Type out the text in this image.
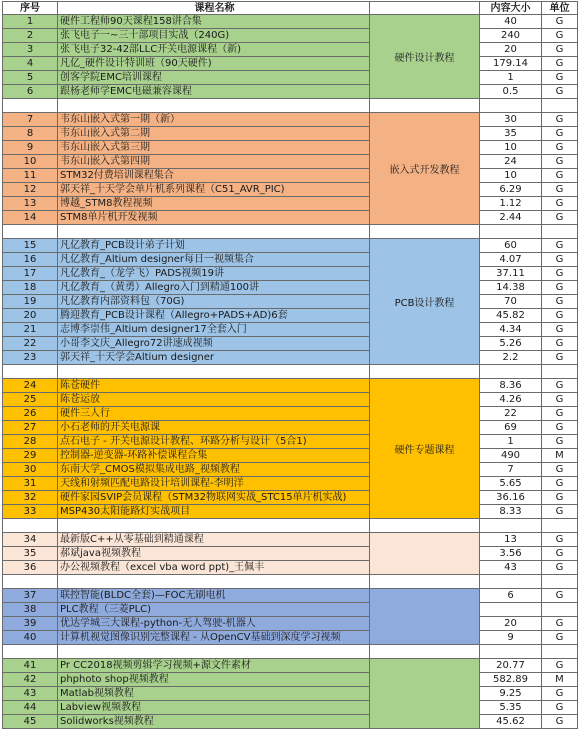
序号	课程名称	内容大小	单位
1	硬件工程师90天课程158讲合集	40	G
2	张飞电子一~三十部项目实战（240G)	240	G
3	张飞电子32-42部LLC开关电源课程（新)	20	G
4	凡亿_硬件设计特训班（90天硬件)	179.14	G
5	创客学院EMC培训课程	1	G
6	跟杨老师学EMC电磁兼容课程	0.5	G
硬件设计教程
7	韦东山嵌入式第一期（新）	30	G
8	韦东山嵌入式第二期	35	G
9	韦东山嵌入式第三期	10	G
10	韦东山嵌入式第四期	24	G
11	STM32付费培训课程集合	10	G
12	郭天祥_十天学会单片机系列课程（C51_AVR_PIC)	6.29	G
13	博越_STM8教程视频	1.12	G
14	STM8单片机开发视频	2.44	G
嵌入式开发教程
15	凡亿教育_PCB设计弟子计划	60	G
16	凡亿教育_Altium designer每日一视频集合	4.07	G
17	凡亿教育_（龙学飞）PADS视频19讲	37.11	G
18	凡亿教育_（黄勇）Allegro入门到精通100讲	14.38	G
19	凡亿教育内部资料包（70G)	70	G
20	腾迎教育_PCB设计课程（Allegro+PADS+AD)6套	45.82	G
21	志博李崇伟_Altium designer17全套入门	4.34	G
22	小哥李文庆_Allegro72讲速成视频	5.26	G
23	郭天祥_十天学会Altium designer	2.2	G
PCB设计教程
24	陈苍硬件	8.36	G
25	陈苍运放	4.26	G
26	硬件三人行	22	G
27	小石老师的开关电源课	69	G
28	点石电子 - 开关电源设计教程、环路分析与设计（5合1)	1	G
29	控制器-逆变器-环路补偿课程合集	490	M
30	东南大学_CMOS模拟集成电路_视频教程	7	G
31	天线和射频匹配电路设计培训课程-李明洋	5.65	G
32	硬件家园SVIP会员课程（STM32物联网实战_STC15单片机实战)	36.16	G
33	MSP430太阳能路灯实战项目	8.33	G
硬件专题课程
34	最新版C++从零基础到精通课程	13	G
35	郝斌java视频教程	3.56	G
36	办公视频教程（excel vba word ppt)_王佩丰	43	G
37	联控智能(BLDC全套)—FOC无刷电机	6	G
38	PLC教程（三菱PLC)
39	优达学城三大课程-python-无人驾驶-机器人	20	G
40	计算机视觉图像识别完整课程 - 从OpenCV基础到深度学习视频	9	G
41	Pr CC2018视频剪辑学习视频+源文件素材	20.77	G
42	phphoto shop视频教程	582.89	M
43	Matlab视频教程	9.25	G
44	Labview视频教程	5.35	G
45	Solidworks视频教程	45.62	G
